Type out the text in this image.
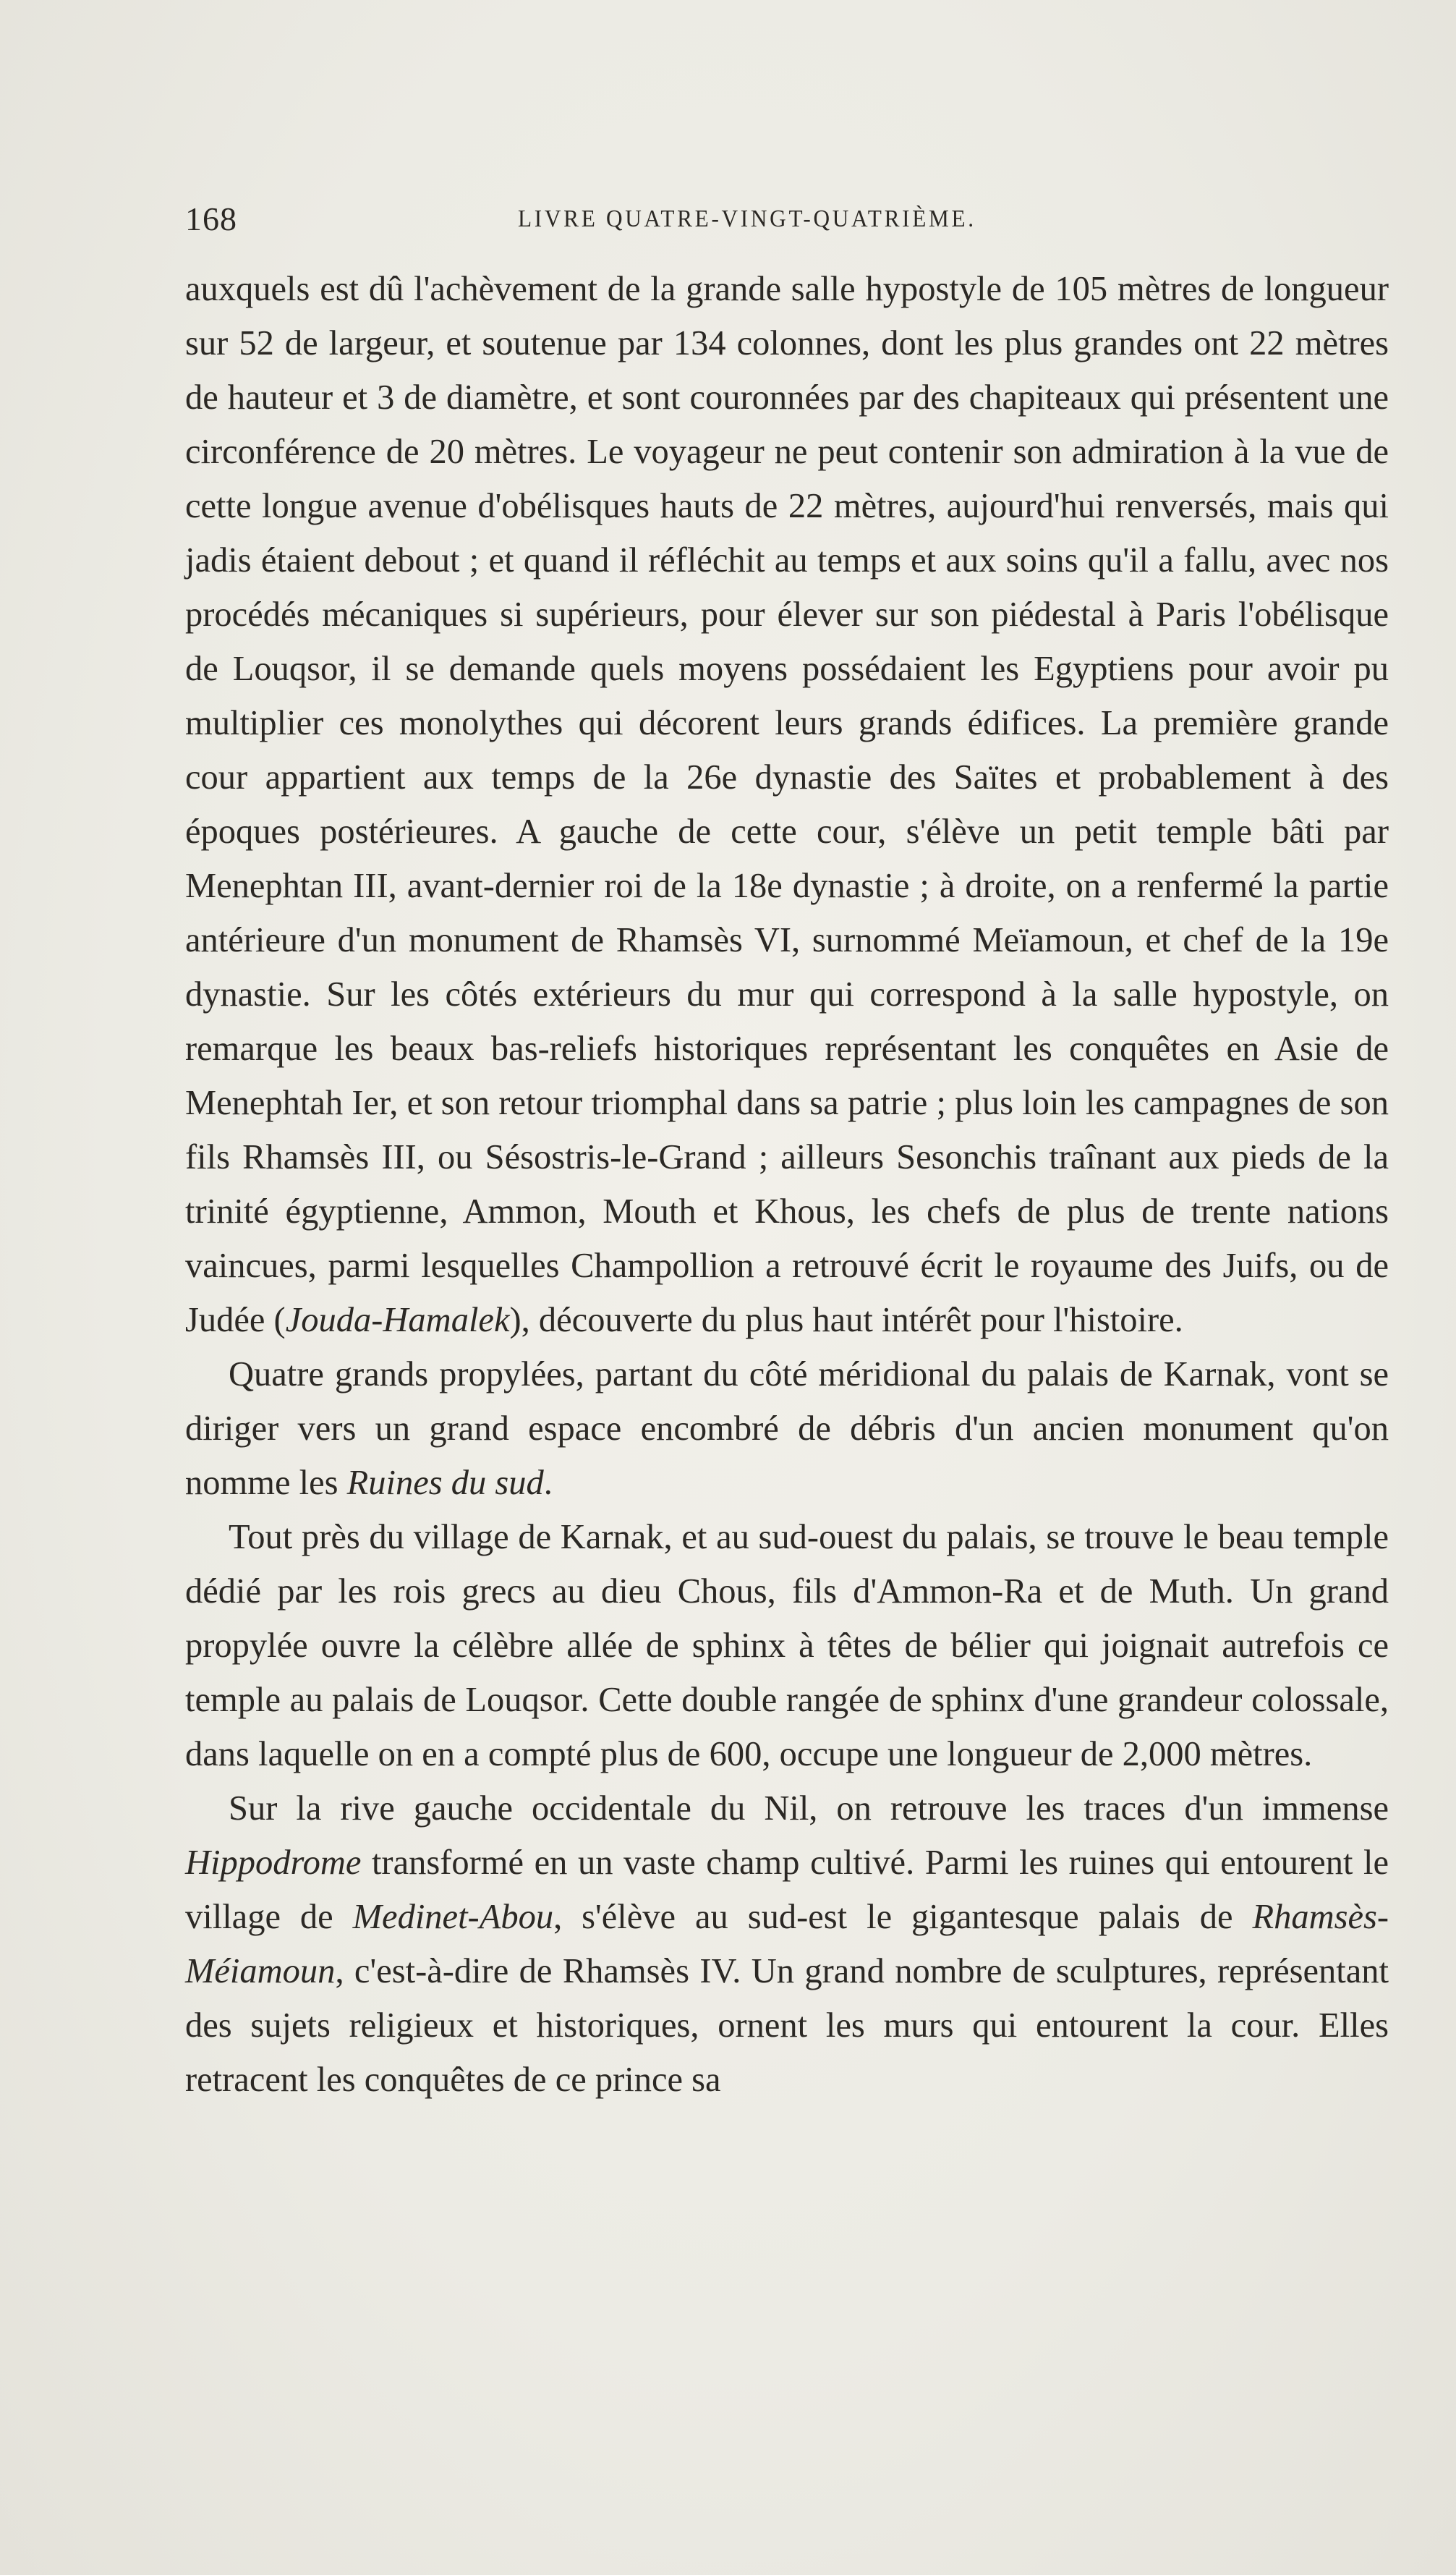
168	LIVRE QUATRE-VINGT-QUATRIÈME.

auxquels est dû l'achèvement de la grande salle hypostyle de 105 mètres de longueur sur 52 de largeur, et soutenue par 134 colonnes, dont les plus grandes ont 22 mètres de hauteur et 3 de diamètre, et sont couronnées par des chapiteaux qui présentent une circonférence de 20 mètres. Le voyageur ne peut contenir son admiration à la vue de cette longue avenue d'obélisques hauts de 22 mètres, aujourd'hui renversés, mais qui jadis étaient debout ; et quand il réfléchit au temps et aux soins qu'il a fallu, avec nos procédés mécaniques si supérieurs, pour élever sur son piédestal à Paris l'obélisque de Louqsor, il se demande quels moyens possédaient les Egyptiens pour avoir pu multiplier ces monolythes qui décorent leurs grands édifices. La première grande cour appartient aux temps de la 26e dynastie des Saïtes et probablement à des époques postérieures. A gauche de cette cour, s'élève un petit temple bâti par Menephtan III, avant-dernier roi de la 18e dynastie ; à droite, on a renfermé la partie antérieure d'un monument de Rhamsès VI, surnommé Meïamoun, et chef de la 19e dynastie. Sur les côtés extérieurs du mur qui correspond à la salle hypostyle, on remarque les beaux bas-reliefs historiques représentant les conquêtes en Asie de Menephtah Ier, et son retour triomphal dans sa patrie ; plus loin les campagnes de son fils Rhamsès III, ou Sésostris-le-Grand ; ailleurs Sesonchis traînant aux pieds de la trinité égyptienne, Ammon, Mouth et Khous, les chefs de plus de trente nations vaincues, parmi lesquelles Champollion a retrouvé écrit le royaume des Juifs, ou de Judée (Jouda-Hamalek), découverte du plus haut intérêt pour l'histoire.

Quatre grands propylées, partant du côté méridional du palais de Karnak, vont se diriger vers un grand espace encombré de débris d'un ancien monument qu'on nomme les Ruines du sud.

Tout près du village de Karnak, et au sud-ouest du palais, se trouve le beau temple dédié par les rois grecs au dieu Chous, fils d'Ammon-Ra et de Muth. Un grand propylée ouvre la célèbre allée de sphinx à têtes de bélier qui joignait autrefois ce temple au palais de Louqsor. Cette double rangée de sphinx d'une grandeur colossale, dans laquelle on en a compté plus de 600, occupe une longueur de 2,000 mètres.

Sur la rive gauche occidentale du Nil, on retrouve les traces d'un immense Hippodrome transformé en un vaste champ cultivé. Parmi les ruines qui entourent le village de Medinet-Abou, s'élève au sud-est le gigantesque palais de Rhamsès-Méiamoun, c'est-à-dire de Rhamsès IV. Un grand nombre de sculptures, représentant des sujets religieux et historiques, ornent les murs qui entourent la cour. Elles retracent les conquêtes de ce prince sa
